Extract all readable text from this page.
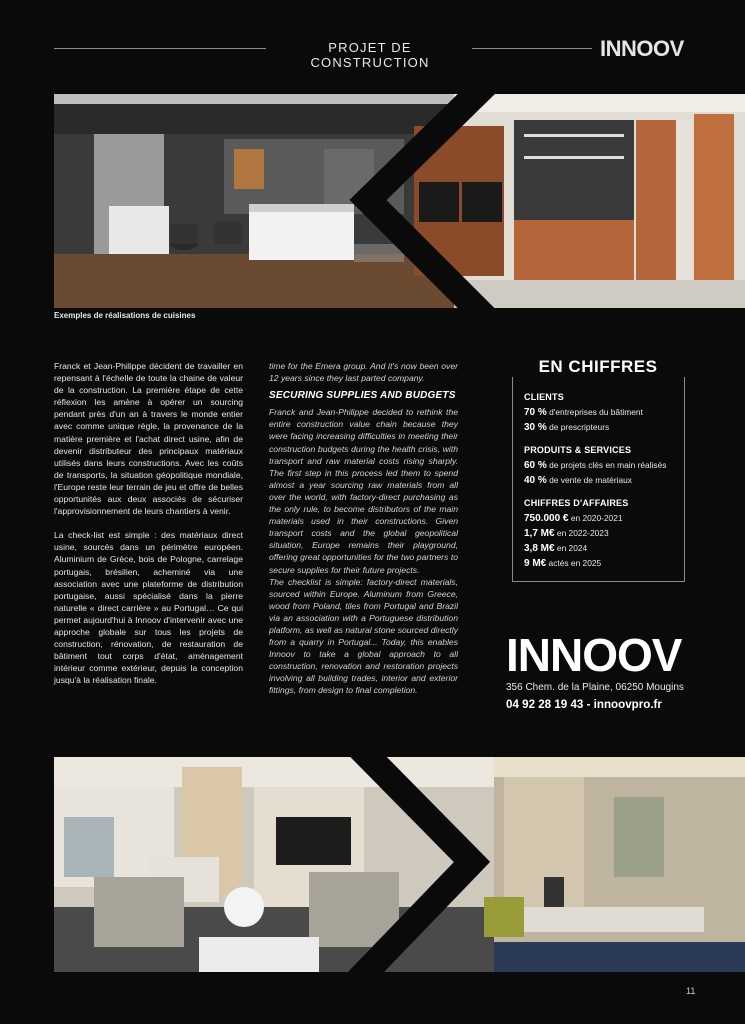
PROJET DE CONSTRUCTION
INNOOV
Exemples de réalisations de cuisines

Franck et Jean-Philippe décident de travailler en repensant à l'échelle de toute la chaine de valeur de la construction. La première étape de cette réflexion les amène à opérer un sourcing pendant près d'un an à travers le monde entier avec comme unique règle, la provenance de la matière première et l'achat direct usine, afin de devenir distributeur des principaux matériaux utilisés dans leurs constructions. Avec les coûts de transports, la situation géopolitique mondiale, l'Europe reste leur terrain de jeu et offre de belles opportunités aux deux associés de sécuriser l'approvisionnement de leurs chantiers à venir.

La check-list est simple : des matériaux direct usine, sourcés dans un périmètre européen. Aluminium de Grèce, bois de Pologne, carrelage portugais, brésilien, acheminé via une association avec une plateforme de distribution portugaise, aussi spécialisé dans la pierre naturelle « direct carrière » au Portugal… Ce qui permet aujourd'hui à Innoov d'intervenir avec une approche globale sur tous les projets de construction, rénovation, de restauration de bâtiment tout corps d'état, aménagement intérieur comme extérieur, depuis la conception jusqu'à la réalisation finale.

time for the Emera group. And it's now been over 12 years since they last parted company.

SECURING SUPPLIES AND BUDGETS

Franck and Jean-Philippe decided to rethink the entire construction value chain because they were facing increasing difficulties in meeting their construction budgets during the health crisis, with transport and raw material costs rising sharply. The first step in this process led them to spend almost a year sourcing raw materials from all over the world, with factory-direct purchasing as the only rule, to become distributors of the main materials used in their constructions. Given transport costs and the global geopolitical situation, Europe remains their playground, offering great opportunities for the two partners to secure supplies for their future projects.

The checklist is simple: factory-direct materials, sourced within Europe. Aluminum from Greece, wood from Poland, tiles from Portugal and Brazil via an association with a Portuguese distribution platform, as well as natural stone sourced directly from a quarry in Portugal... Today, this enables Innoov to take a global approach to all construction, renovation and restoration projects involving all building trades, interior and exterior fittings, from design to final completion.

EN CHIFFRES
CLIENTS
70 % d'entreprises du bâtiment
30 % de prescripteurs
PRODUITS & SERVICES
60 % de projets clés en main réalisés
40 % de vente de matériaux
CHIFFRES D'AFFAIRES
750.000 € en 2020-2021
1,7 M€ en 2022-2023
3,8 M€ en 2024
9 M€ actés en 2025
INNOOV
356 Chem. de la Plaine, 06250 Mougins
04 92 28 19 43 - innoovpro.fr
11
